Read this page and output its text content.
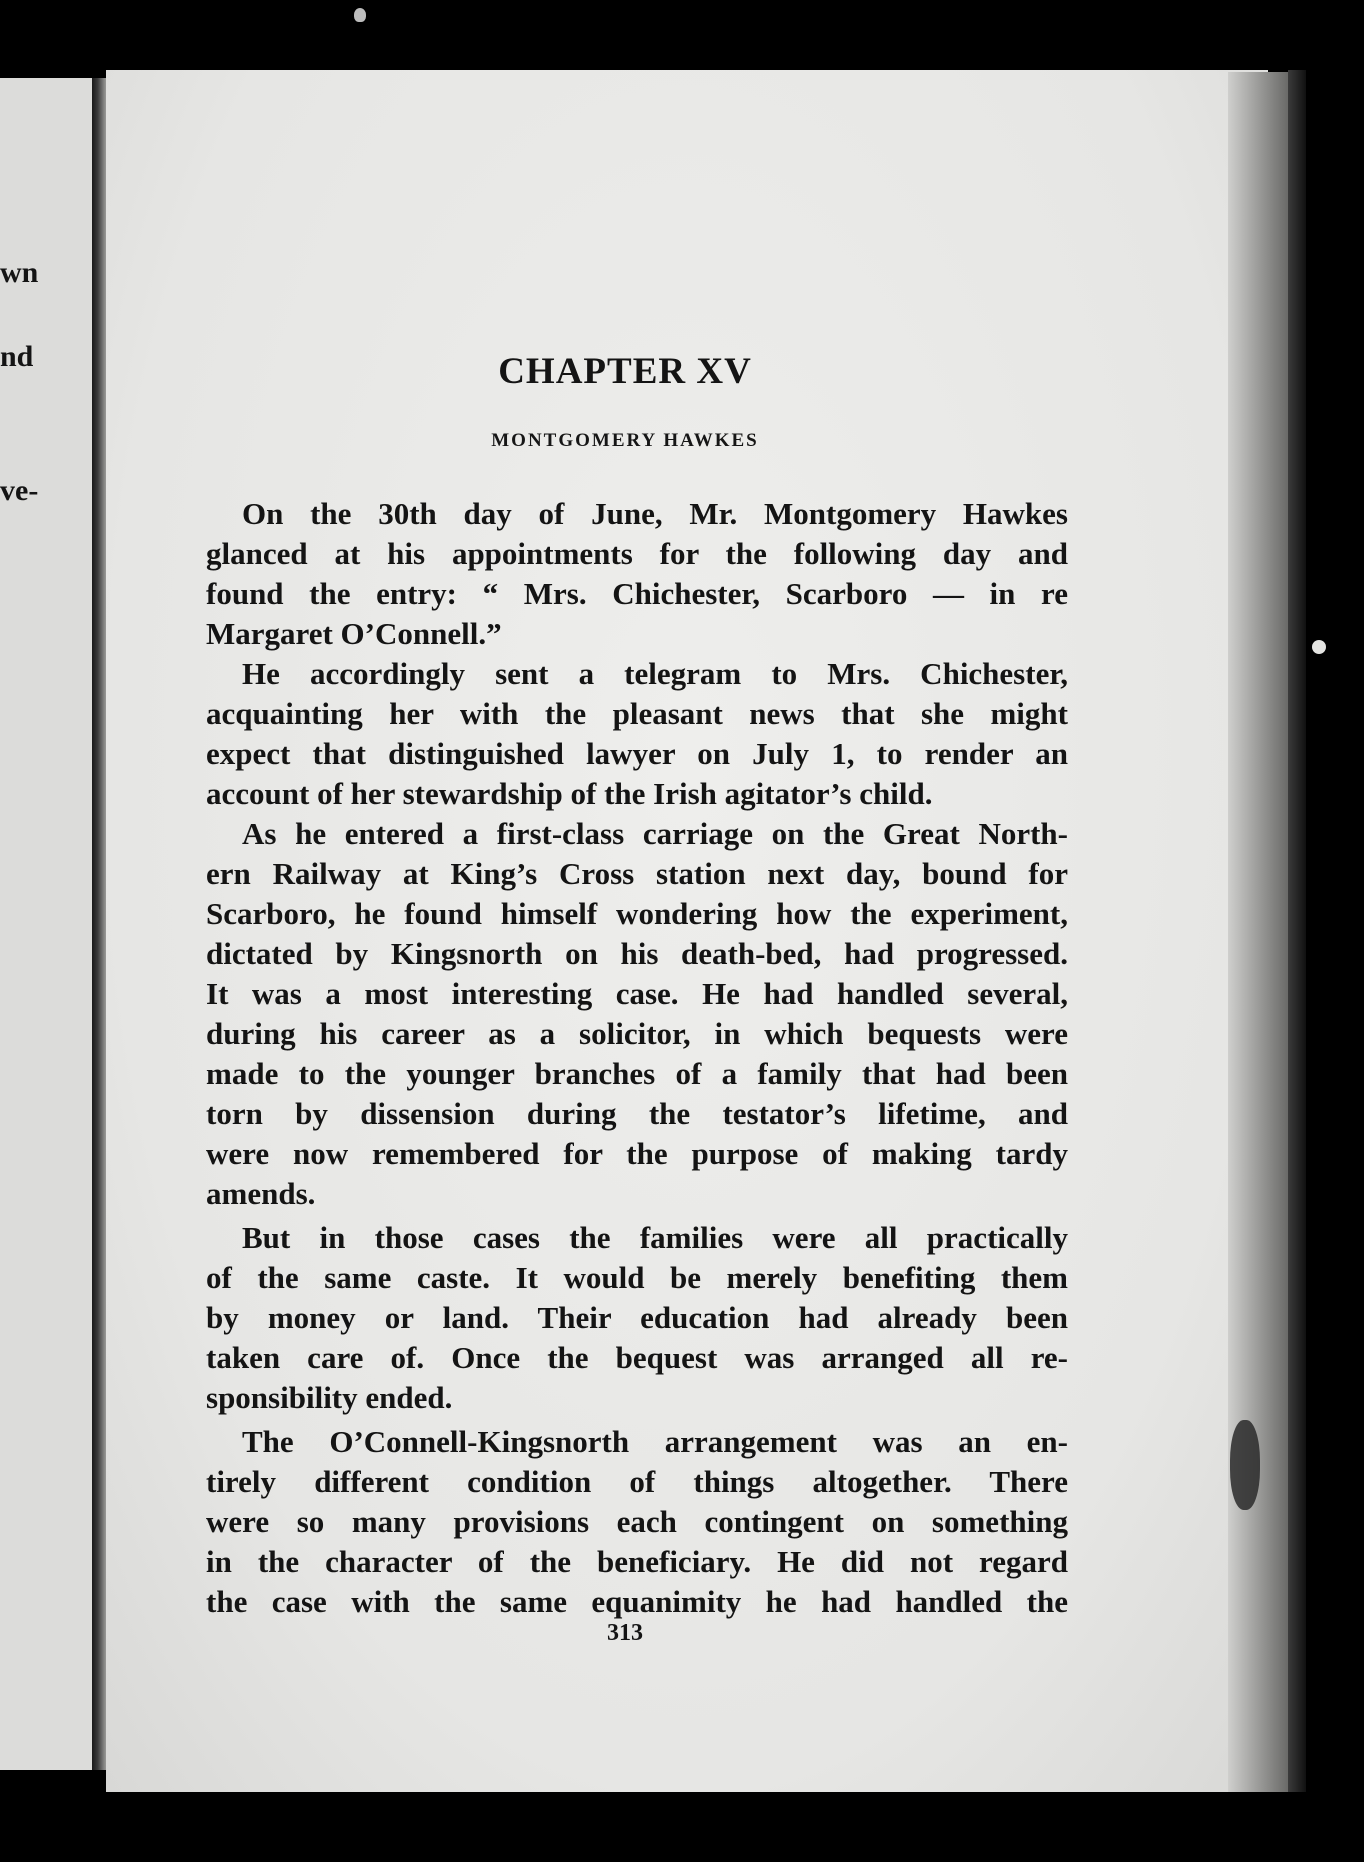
wn
nd
ve-
CHAPTER XV
MONTGOMERY HAWKES
On the 30th day of June, Mr. Montgomery Hawkes
glanced at his appointments for the following day and
found the entry: “ Mrs. Chichester, Scarboro — in re
Margaret O’Connell.”
He accordingly sent a telegram to Mrs. Chichester,
acquainting her with the pleasant news that she might
expect that distinguished lawyer on July 1, to render an
account of her stewardship of the Irish agitator’s child.
As he entered a first-class carriage on the Great North-
ern Railway at King’s Cross station next day, bound for
Scarboro, he found himself wondering how the experiment,
dictated by Kingsnorth on his death-bed, had progressed.
It was a most interesting case. He had handled several,
during his career as a solicitor, in which bequests were
made to the younger branches of a family that had been
torn by dissension during the testator’s lifetime, and
were now remembered for the purpose of making tardy
amends.
But in those cases the families were all practically
of the same caste. It would be merely benefiting them
by money or land. Their education had already been
taken care of. Once the bequest was arranged all re-
sponsibility ended.
The O’Connell-Kingsnorth arrangement was an en-
tirely different condition of things altogether. There
were so many provisions each contingent on something
in the character of the beneficiary. He did not regard
the case with the same equanimity he had handled the
313
